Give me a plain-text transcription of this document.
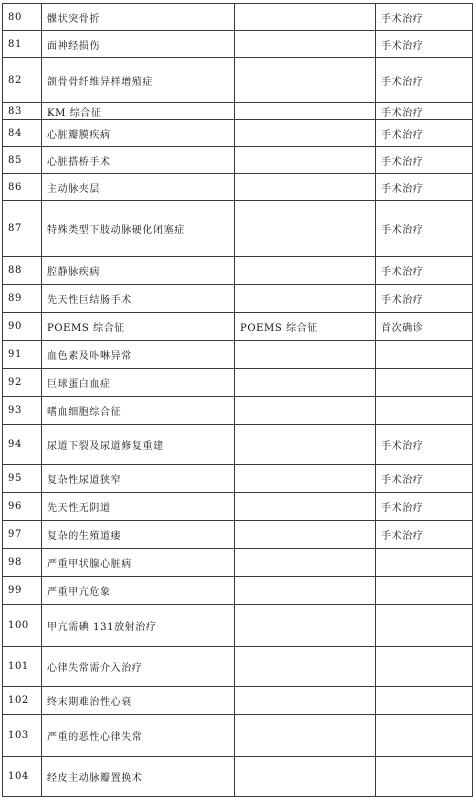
80	髁状突骨折		手术治疗
81	面神经损伤		手术治疗
82	颌骨骨纤维异样增殖症		手术治疗
83	KM 综合征		手术治疗
84	心脏瓣膜疾病		手术治疗
85	心脏搭桥手术		手术治疗
86	主动脉夹层		手术治疗
87	特殊类型下肢动脉硬化闭塞症		手术治疗
88	腔静脉疾病		手术治疗
89	先天性巨结肠手术		手术治疗
90	POEMS 综合征	POEMS 综合征	首次确诊
91	血色素及卟啉异常		
92	巨球蛋白血症		
93	嗜血细胞综合征		
94	尿道下裂及尿道修复重建		手术治疗
95	复杂性尿道狭窄		手术治疗
96	先天性无阴道		手术治疗
97	复杂的生殖道瘘		手术治疗
98	严重甲状腺心脏病		
99	严重甲亢危象		
100	甲亢需碘 131放射治疗		
101	心律失常需介入治疗		
102	终末期难治性心衰		
103	严重的恶性心律失常		
104	经皮主动脉瓣置换术		
